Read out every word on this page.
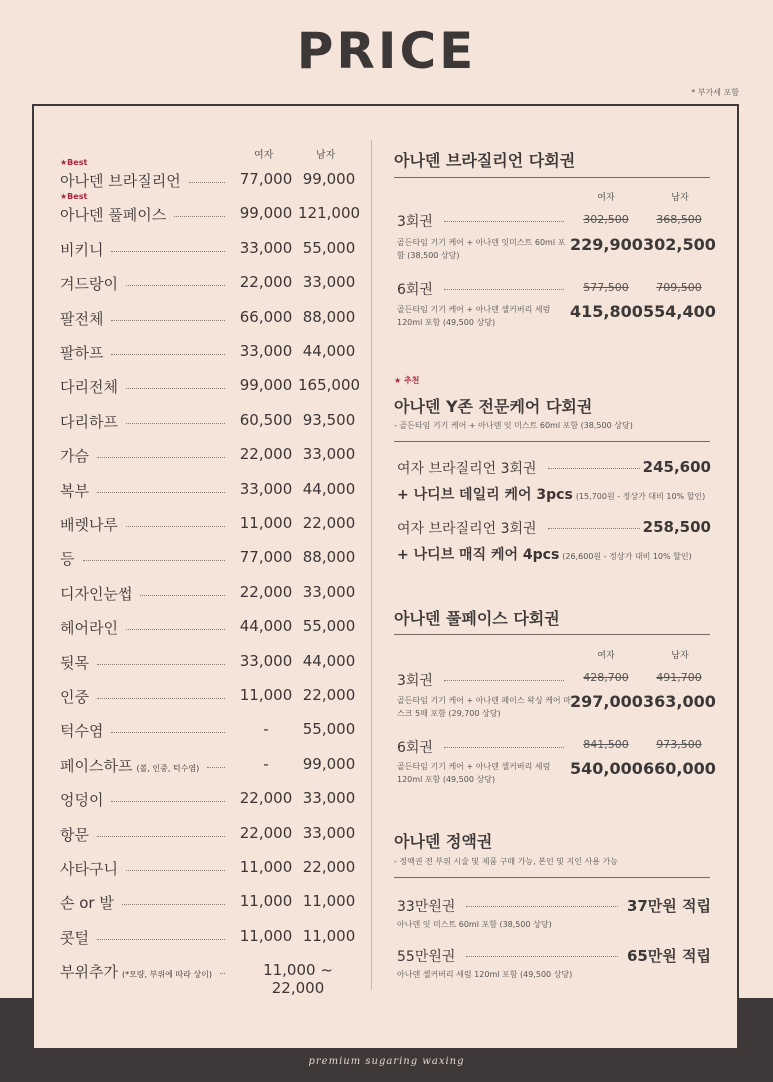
PRICE
* 부가세 포함
ANADEN
premium sugaring waxing
여자	남자
★Best
아나덴 브라질리언	77,000 99,000
★Best
아나덴 풀페이스	99,000 121,000
비키니	33,000 55,000
겨드랑이	22,000 33,000
팔전체	66,000 88,000
팔하프	33,000 44,000
다리전체	99,000 165,000
다리하프	60,500 93,500
가슴	22,000 33,000
복부	33,000 44,000
배렛나루	11,000 22,000
등	77,000 88,000
디자인눈썹	22,000 33,000
헤어라인	44,000 55,000
뒷목	33,000 44,000
인중	11,000 22,000
턱수염	-	55,000
페이스하프 (볼, 인중, 턱수염)	-	99,000
엉덩이	22,000 33,000
항문	22,000 33,000
사타구니	11,000 22,000
손 or 발	11,000 11,000
콧털	11,000 11,000
부위추가 (*모량, 부위에 따라 상이)	11,000 ~ 22,000
아나덴 브라질리언 다회권
여자	남자
3회권	302,500	368,500
골든타임 기기 케어 + 아나덴 잇미스트 60ml 포함 (38,500 상당)
229,900 302,500
6회권	577,500	709,500
골든타임 기기 케어 + 아나덴 셀커버리 세럼 120ml 포함 (49,500 상당)
415,800 554,400
★ 추천
아나덴 Y존 전문케어 다회권
- 골든타임 기기 케어 + 아나덴 잇 미스트 60ml 포함 (38,500 상당)
여자 브라질리언 3회권	245,600
+ 나디브 데일리 케어 3pcs (15,700원 - 정상가 대비 10% 할인)
여자 브라질리언 3회권	258,500
+ 나디브 매직 케어 4pcs (26,600원 - 정상가 대비 10% 할인)
아나덴 풀페이스 다회권
여자	남자
3회권	428,700	491,700
골든타임 기기 케어 + 아나덴 페이스 왁싱 케어 마스크 5매 포함 (29,700 상당)
297,000 363,000
6회권	841,500	973,500
골든타임 기기 케어 + 아나덴 셀커버리 세럼 120ml 포함 (49,500 상당)
540,000 660,000
아나덴 정액권
- 정액권 전 부위 시술 및 제품 구매 가능, 본인 및 지인 사용 가능
33만원권	37만원 적립
아나덴 잇 미스트 60ml 포함 (38,500 상당)
55만원권	65만원 적립
아나덴 셀커버리 세럼 120ml 포함 (49,500 상당)
